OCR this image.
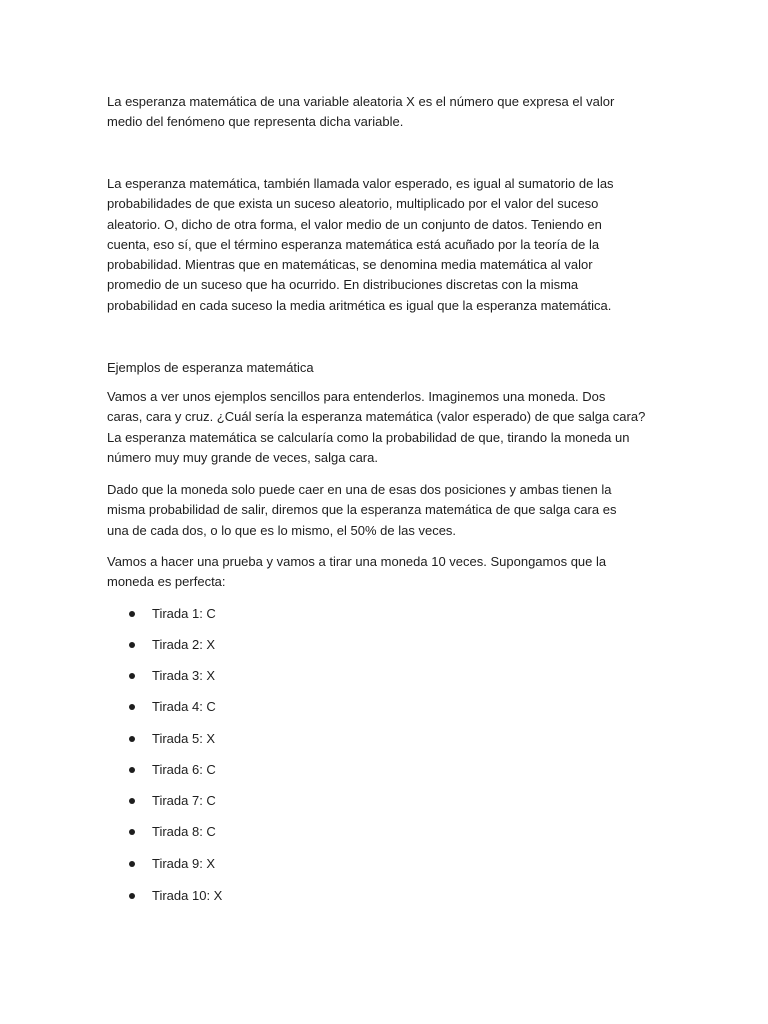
La esperanza matemática de una variable aleatoria X es el número que expresa el valor
medio del fenómeno que representa dicha variable.
La esperanza matemática, también llamada valor esperado, es igual al sumatorio de las
probabilidades de que exista un suceso aleatorio, multiplicado por el valor del suceso
aleatorio. O, dicho de otra forma, el valor medio de un conjunto de datos. Teniendo en
cuenta, eso sí, que el término esperanza matemática está acuñado por la teoría de la
probabilidad. Mientras que en matemáticas, se denomina media matemática al valor
promedio de un suceso que ha ocurrido. En distribuciones discretas con la misma
probabilidad en cada suceso la media aritmética es igual que la esperanza matemática.
Ejemplos de esperanza matemática
Vamos a ver unos ejemplos sencillos para entenderlos. Imaginemos una moneda. Dos
caras, cara y cruz. ¿Cuál sería la esperanza matemática (valor esperado) de que salga cara?
La esperanza matemática se calcularía como la probabilidad de que, tirando la moneda un
número muy muy grande de veces, salga cara.
Dado que la moneda solo puede caer en una de esas dos posiciones y ambas tienen la
misma probabilidad de salir, diremos que la esperanza matemática de que salga cara es
una de cada dos, o lo que es lo mismo, el 50% de las veces.
Vamos a hacer una prueba y vamos a tirar una moneda 10 veces. Supongamos que la
moneda es perfecta:
Tirada 1: C
Tirada 2: X
Tirada 3: X
Tirada 4: C
Tirada 5: X
Tirada 6: C
Tirada 7: C
Tirada 8: C
Tirada 9: X
Tirada 10: X
